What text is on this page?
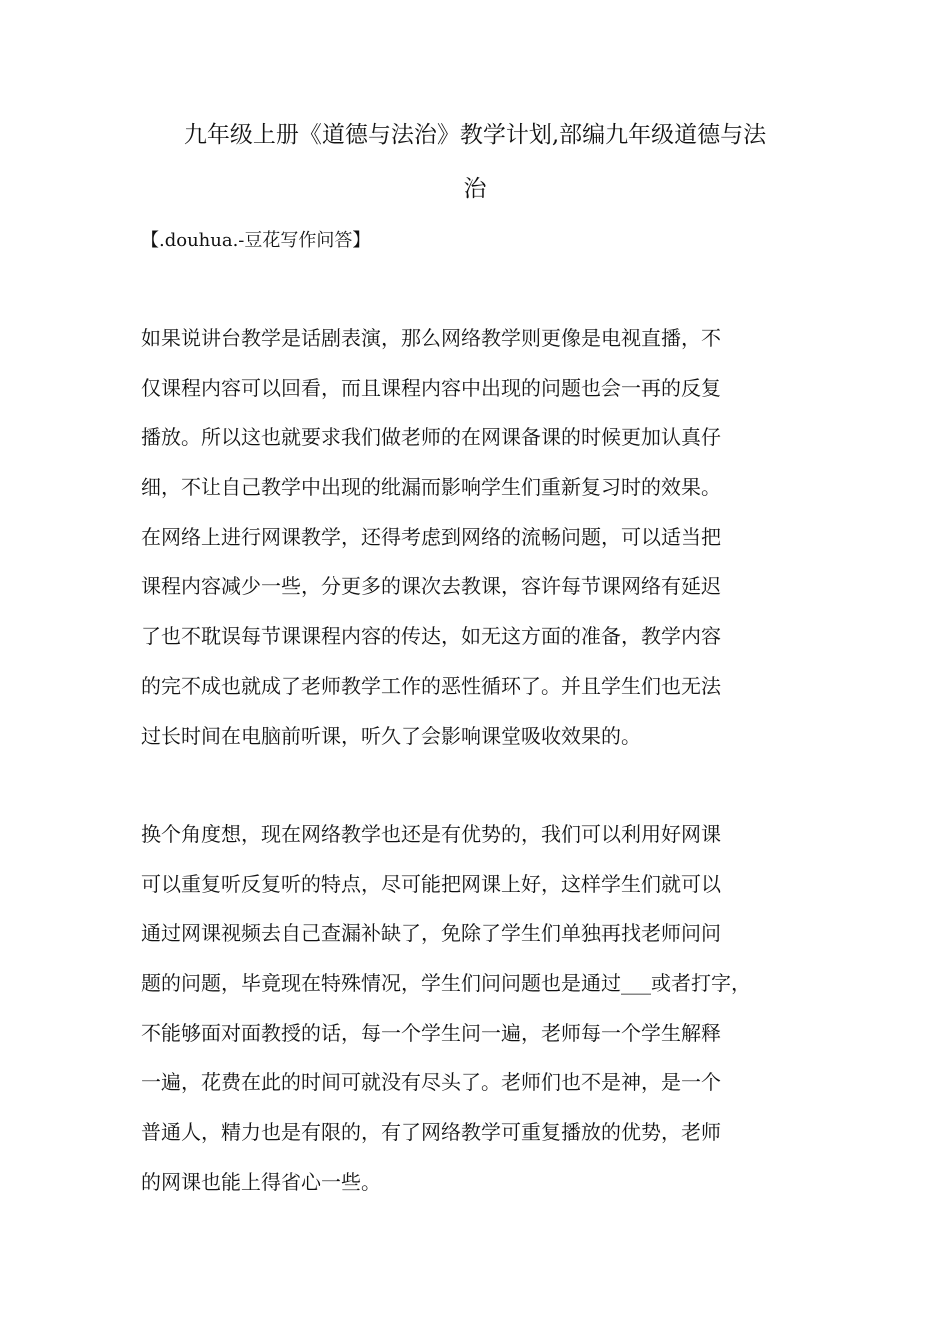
九年级上册《道德与法治》教学计划,部编九年级道德与法
治
【.douhua.-豆花写作问答】
如果说讲台教学是话剧表演，那么网络教学则更像是电视直播，不
仅课程内容可以回看，而且课程内容中出现的问题也会一再的反复
播放。所以这也就要求我们做老师的在网课备课的时候更加认真仔
细，不让自己教学中出现的纰漏而影响学生们重新复习时的效果。
在网络上进行网课教学，还得考虑到网络的流畅问题，可以适当把
课程内容减少一些，分更多的课次去教课，容许每节课网络有延迟
了也不耽误每节课课程内容的传达，如无这方面的准备，教学内容
的完不成也就成了老师教学工作的恶性循环了。并且学生们也无法
过长时间在电脑前听课，听久了会影响课堂吸收效果的。
换个角度想，现在网络教学也还是有优势的，我们可以利用好网课
可以重复听反复听的特点，尽可能把网课上好，这样学生们就可以
通过网课视频去自己查漏补缺了，免除了学生们单独再找老师问问
题的问题，毕竟现在特殊情况，学生们问问题也是通过___或者打字，
不能够面对面教授的话，每一个学生问一遍，老师每一个学生解释
一遍，花费在此的时间可就没有尽头了。老师们也不是神，是一个
普通人，精力也是有限的，有了网络教学可重复播放的优势，老师
的网课也能上得省心一些。
